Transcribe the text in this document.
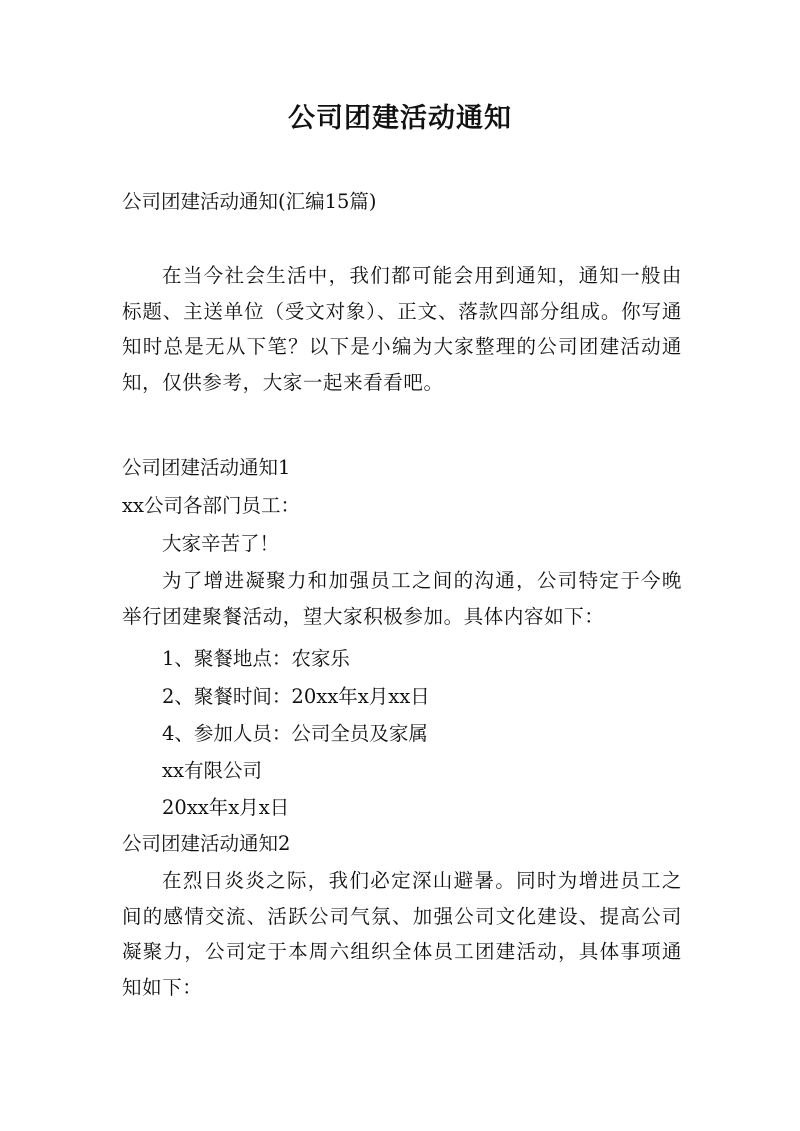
公司团建活动通知
公司团建活动通知(汇编15篇)
在当今社会生活中，我们都可能会用到通知，通知一般由标题、主送单位（受文对象）、正文、落款四部分组成。你写通知时总是无从下笔？以下是小编为大家整理的公司团建活动通知，仅供参考，大家一起来看看吧。
公司团建活动通知1
xx公司各部门员工：
大家辛苦了！
为了增进凝聚力和加强员工之间的沟通，公司特定于今晚举行团建聚餐活动，望大家积极参加。具体内容如下：
1、聚餐地点：农家乐
2、聚餐时间：20xx年x月xx日
4、参加人员：公司全员及家属
xx有限公司
20xx年x月x日
公司团建活动通知2
在烈日炎炎之际，我们必定深山避暑。同时为增进员工之间的感情交流、活跃公司气氛、加强公司文化建设、提高公司凝聚力，公司定于本周六组织全体员工团建活动，具体事项通知如下：
